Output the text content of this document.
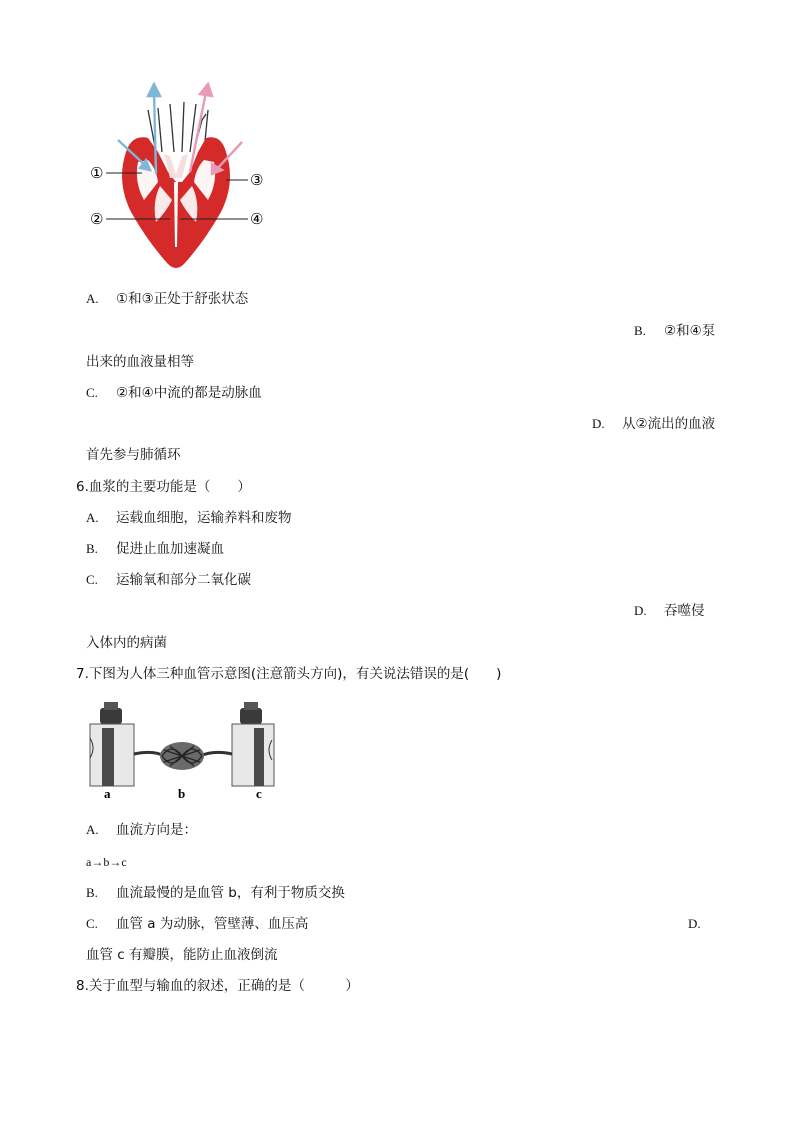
①
②
③
④
A. ①和③正处于舒张状态
B. ②和④泵
出来的血液量相等
C. ②和④中流的都是动脉血
D. 从②流出的血液
首先参与肺循环
6.血浆的主要功能是（　　）
A. 运载血细胞，运输养料和废物
B. 促进止血加速凝血
C. 运输氧和部分二氧化碳
D. 吞噬侵
入体内的病菌
7.下图为人体三种血管示意图(注意箭头方向)，有关说法错误的是(　　)
a	b	c
A. 血流方向是：
a→b→c
B. 血流最慢的是血管 b，有利于物质交换
C. 血管 a 为动脉，管壁薄、血压高	D.
血管 c 有瓣膜，能防止血液倒流
8.关于血型与输血的叙述，正确的是（　　　）
